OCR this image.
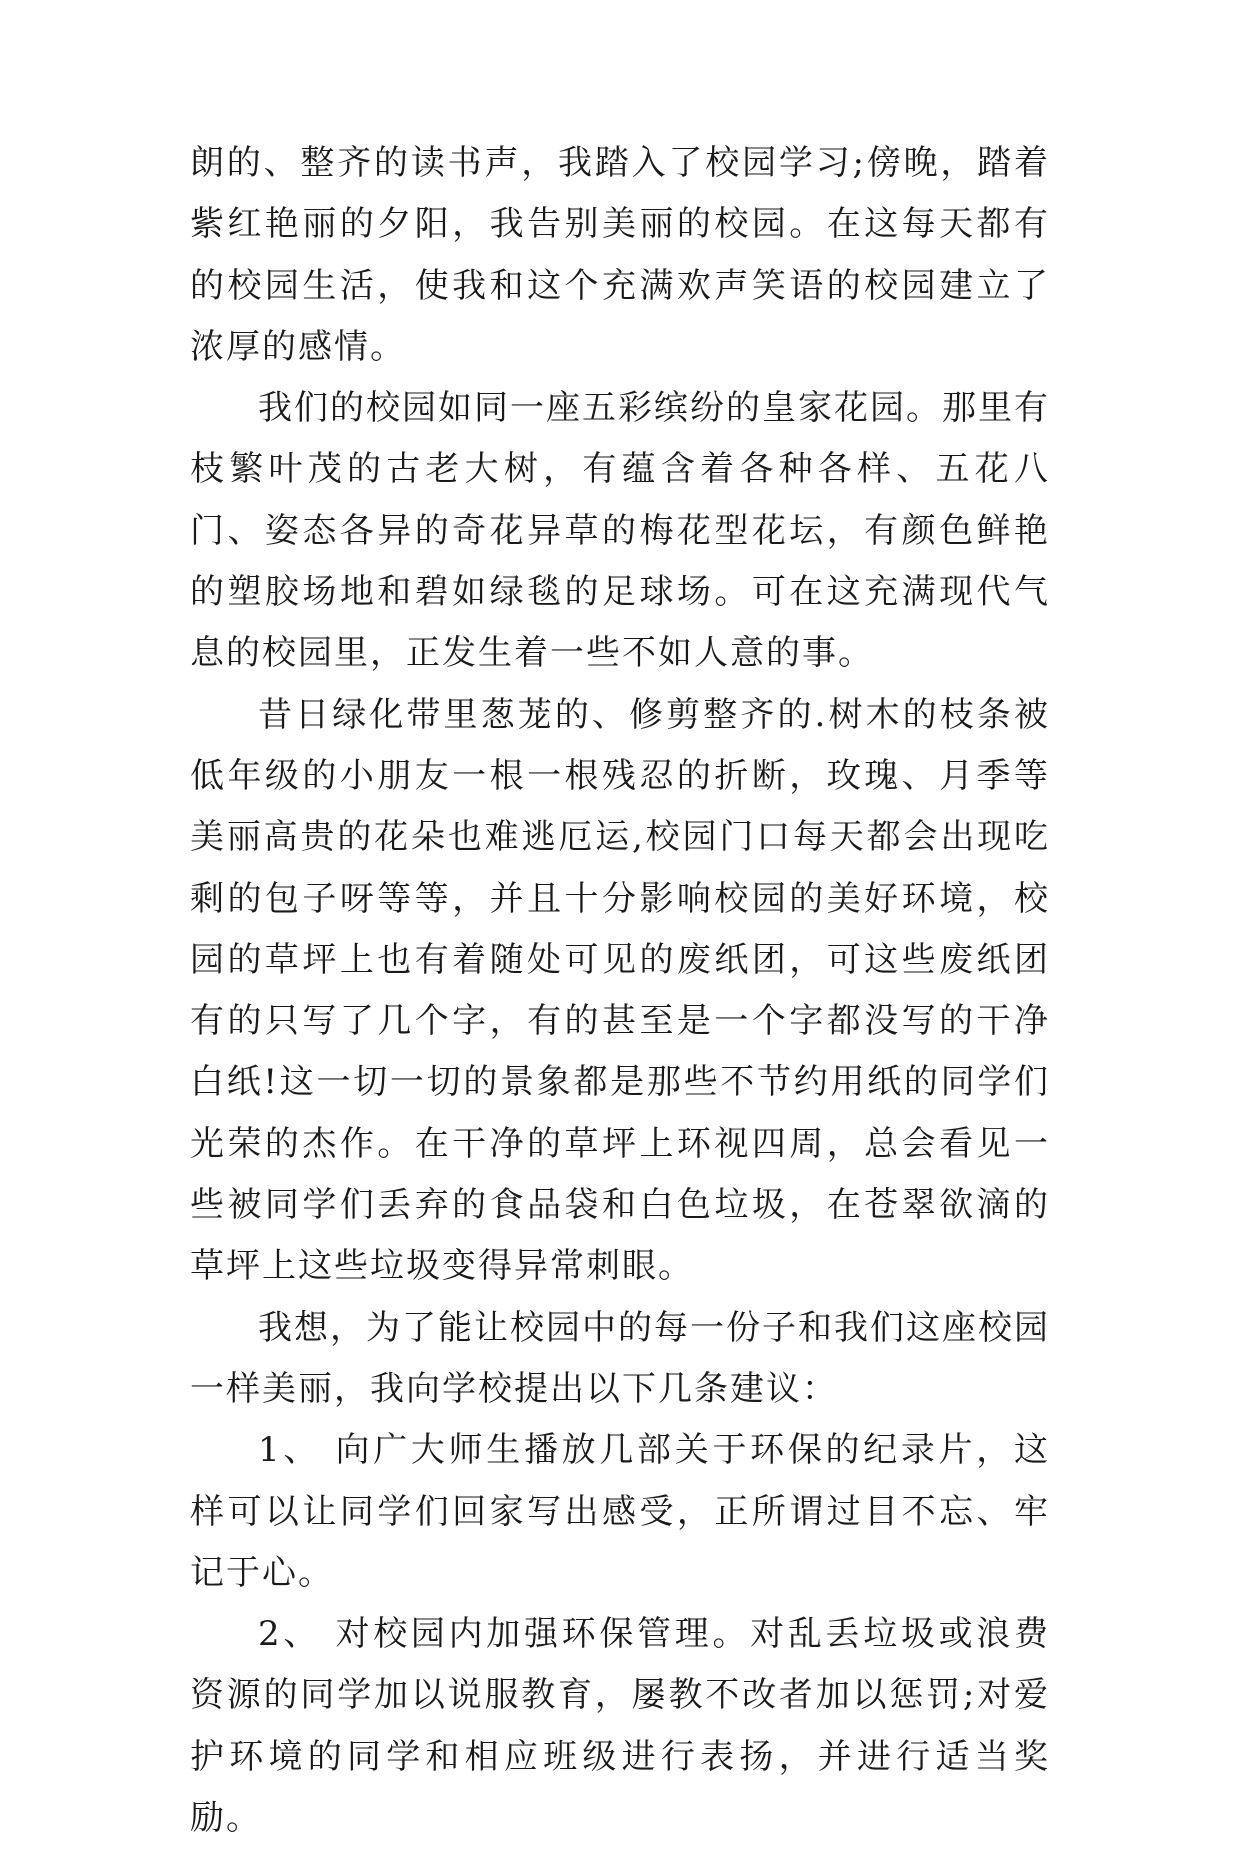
朗的、整齐的读书声，我踏入了校园学习;傍晚，踏着紫红艳丽的夕阳，我告别美丽的校园。在这每天都有的校园生活，使我和这个充满欢声笑语的校园建立了浓厚的感情。

我们的校园如同一座五彩缤纷的皇家花园。那里有枝繁叶茂的古老大树，有蕴含着各种各样、五花八门、姿态各异的奇花异草的梅花型花坛，有颜色鲜艳的塑胶场地和碧如绿毯的足球场。可在这充满现代气息的校园里，正发生着一些不如人意的事。

昔日绿化带里葱茏的、修剪整齐的.树木的枝条被低年级的小朋友一根一根残忍的折断，玫瑰、月季等美丽高贵的花朵也难逃厄运,校园门口每天都会出现吃剩的包子呀等等，并且十分影响校园的美好环境，校园的草坪上也有着随处可见的废纸团，可这些废纸团有的只写了几个字，有的甚至是一个字都没写的干净白纸!这一切一切的景象都是那些不节约用纸的同学们光荣的杰作。在干净的草坪上环视四周，总会看见一些被同学们丢弃的食品袋和白色垃圾，在苍翠欲滴的草坪上这些垃圾变得异常刺眼。

我想，为了能让校园中的每一份子和我们这座校园一样美丽，我向学校提出以下几条建议：

1、 向广大师生播放几部关于环保的纪录片，这样可以让同学们回家写出感受，正所谓过目不忘、牢记于心。

2、 对校园内加强环保管理。对乱丢垃圾或浪费资源的同学加以说服教育，屡教不改者加以惩罚;对爱护环境的同学和相应班级进行表扬，并进行适当奖励。
